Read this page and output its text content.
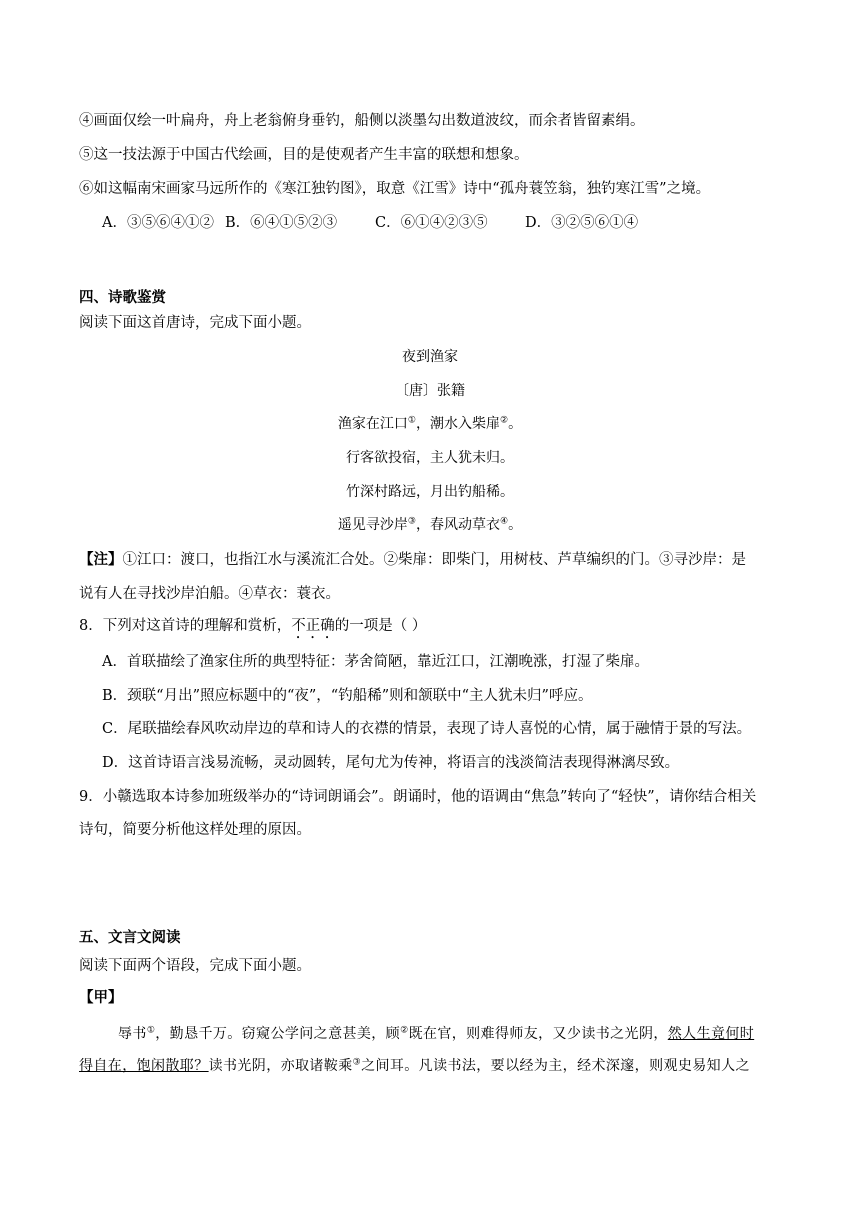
④画面仅绘一叶扁舟，舟上老翁俯身垂钓，船侧以淡墨勾出数道波纹，而余者皆留素绢。
⑤这一技法源于中国古代绘画，目的是使观者产生丰富的联想和想象。
⑥如这幅南宋画家马远所作的《寒江独钓图》，取意《江雪》诗中“孤舟蓑笠翁，独钓寒江雪”之境。
A．③⑤⑥④①② B．⑥④①⑤②③	C．⑥①④②③⑤	D．③②⑤⑥①④
四、诗歌鉴赏
阅读下面这首唐诗，完成下面小题。
夜到渔家
〔唐〕张籍
渔家在江口①，潮水入柴扉②。
行客欲投宿，主人犹未归。
竹深村路远，月出钓船稀。
遥见寻沙岸③，春风动草衣④。
【注】①江口：渡口，也指江水与溪流汇合处。②柴扉：即柴门，用树枝、芦草编织的门。③寻沙岸：是
说有人在寻找沙岸泊船。④草衣：蓑衣。
8．下列对这首诗的理解和赏析，不正确的一项是（ ）
A．首联描绘了渔家住所的典型特征：茅舍简陋，靠近江口，江潮晚涨，打湿了柴扉。
B．颈联“月出”照应标题中的“夜”，“钓船稀”则和颔联中“主人犹未归”呼应。
C．尾联描绘春风吹动岸边的草和诗人的衣襟的情景，表现了诗人喜悦的心情，属于融情于景的写法。
D．这首诗语言浅易流畅，灵动圆转，尾句尤为传神，将语言的浅淡简洁表现得淋漓尽致。
9．小赣选取本诗参加班级举办的“诗词朗诵会”。朗诵时，他的语调由“焦急”转向了“轻快”，请你结合相关
诗句，简要分析他这样处理的原因。
五、文言文阅读
阅读下面两个语段，完成下面小题。
【甲】
辱书①，勤恳千万。窃窥公学问之意甚美，顾②既在官，则难得师友，又少读书之光阴，然人生竟何时
得自在，饱闲散耶？读书光阴，亦取诸鞍乘③之间耳。凡读书法，要以经为主，经术深邃，则观史易知人之
